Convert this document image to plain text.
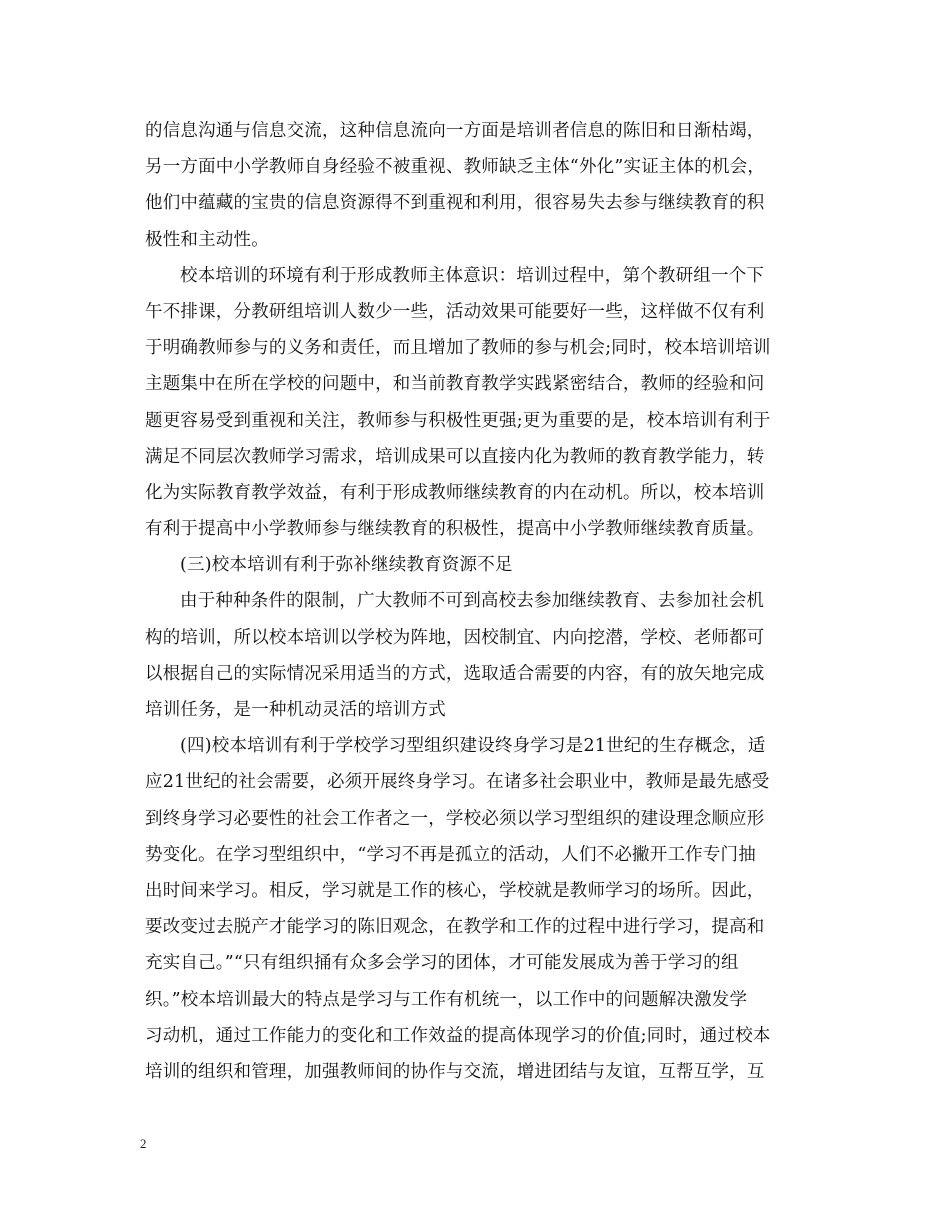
的信息沟通与信息交流，这种信息流向一方面是培训者信息的陈旧和日渐枯竭，
另一方面中小学教师自身经验不被重视、教师缺乏主体“外化”实证主体的机会，
他们中蕴藏的宝贵的信息资源得不到重视和利用，很容易失去参与继续教育的积
极性和主动性。
校本培训的环境有利于形成教师主体意识：培训过程中，第个教研组一个下
午不排课，分教研组培训人数少一些，活动效果可能要好一些，这样做不仅有利
于明确教师参与的义务和责任，而且增加了教师的参与机会;同时，校本培训培训
主题集中在所在学校的问题中，和当前教育教学实践紧密结合，教师的经验和问
题更容易受到重视和关注，教师参与积极性更强;更为重要的是，校本培训有利于
满足不同层次教师学习需求，培训成果可以直接内化为教师的教育教学能力，转
化为实际教育教学效益，有利于形成教师继续教育的内在动机。所以，校本培训
有利于提高中小学教师参与继续教育的积极性，提高中小学教师继续教育质量。
(三)校本培训有利于弥补继续教育资源不足
由于种种条件的限制，广大教师不可到高校去参加继续教育、去参加社会机
构的培训，所以校本培训以学校为阵地，因校制宜、内向挖潜，学校、老师都可
以根据自己的实际情况采用适当的方式，选取适合需要的内容，有的放矢地完成
培训任务，是一种机动灵活的培训方式
(四)校本培训有利于学校学习型组织建设终身学习是21世纪的生存概念，适
应21世纪的社会需要，必须开展终身学习。在诸多社会职业中，教师是最先感受
到终身学习必要性的社会工作者之一，学校必须以学习型组织的建设理念顺应形
势变化。在学习型组织中，“学习不再是孤立的活动，人们不必撇开工作专门抽
出时间来学习。相反，学习就是工作的核心，学校就是教师学习的场所。因此，
要改变过去脱产才能学习的陈旧观念，在教学和工作的过程中进行学习，提高和
充实自己。”“只有组织捅有众多会学习的团体，才可能发展成为善于学习的组
织。”校本培训最大的特点是学习与工作有机统一，以工作中的问题解决激发学
习动机，通过工作能力的变化和工作效益的提高体现学习的价值;同时，通过校本
培训的组织和管理，加强教师间的协作与交流，增进团结与友谊，互帮互学，互
2
